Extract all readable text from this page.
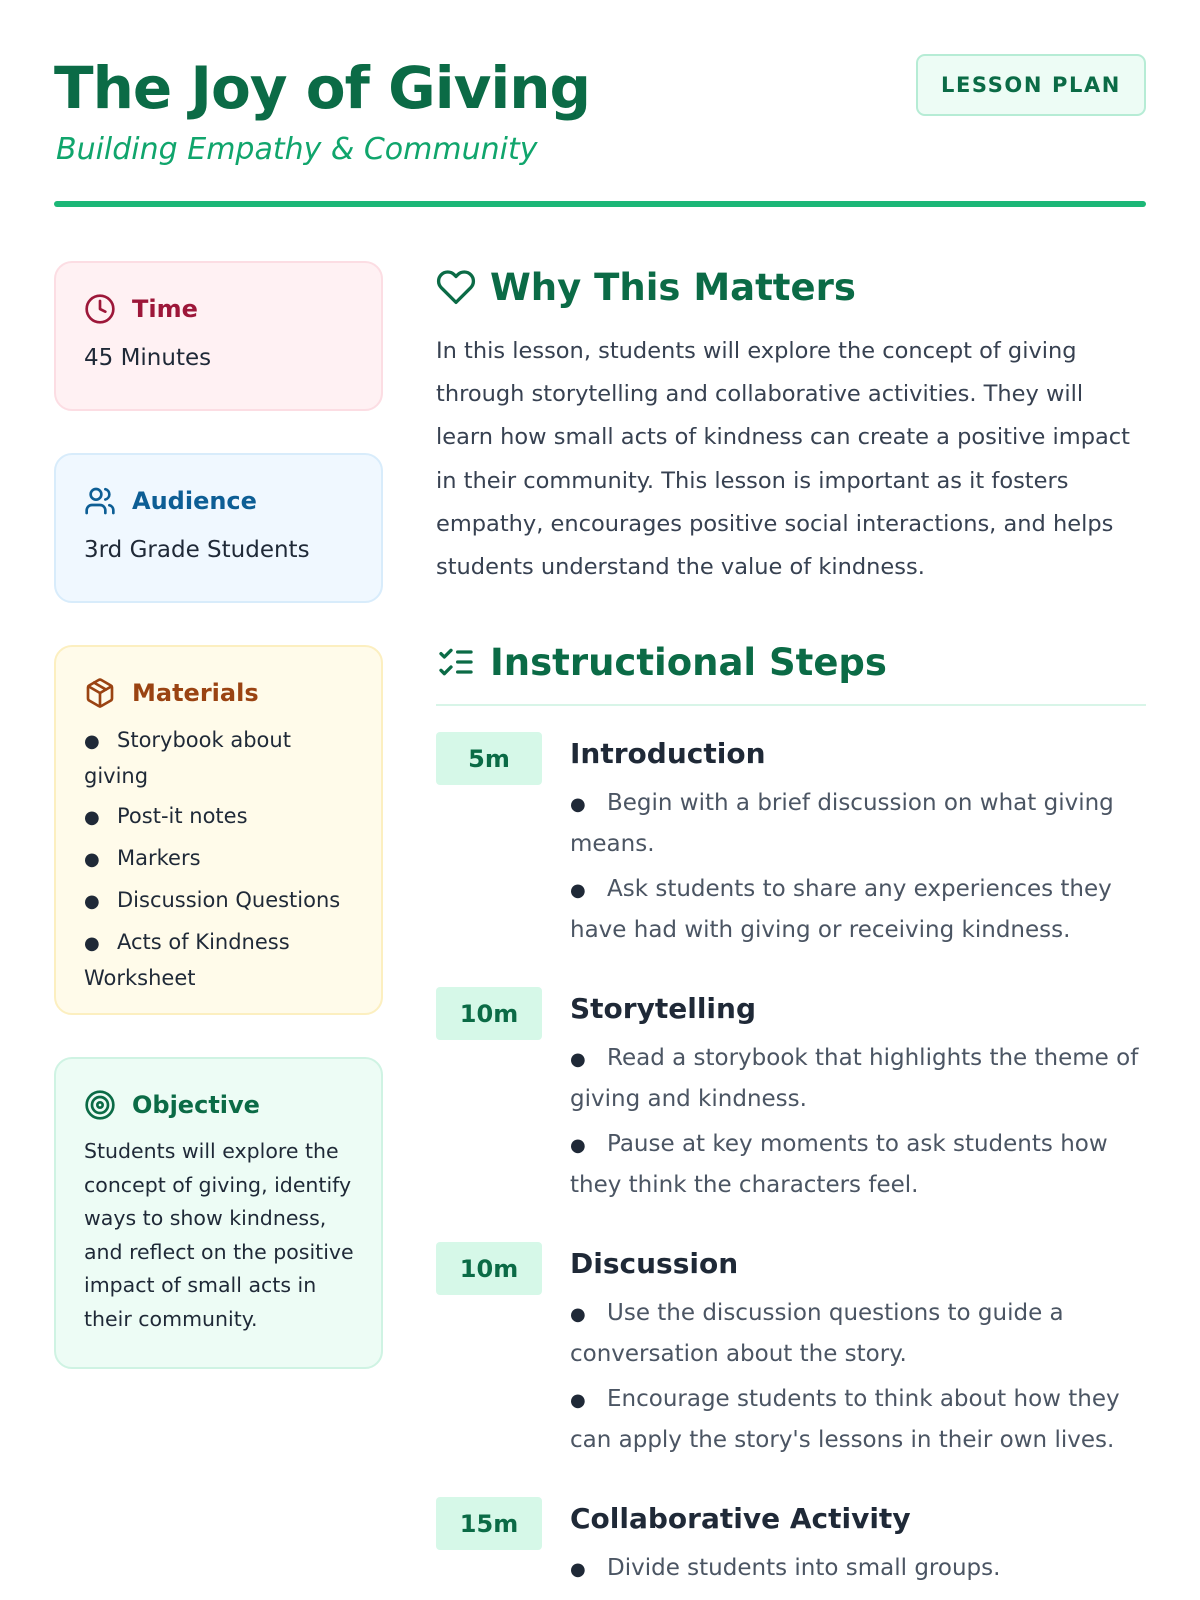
The Joy of Giving

Building Empathy & Community

LESSON PLAN
Time
45 Minutes
Audience
3rd Grade Students
Materials
● Storybook about giving
● Post-it notes
● Markers
● Discussion Questions
● Acts of Kindness Worksheet
Objective
Students will explore the concept of giving, identify ways to show kindness, and reflect on the positive impact of small acts in their community.
Why This Matters

In this lesson, students will explore the concept of giving through storytelling and collaborative activities. They will learn how small acts of kindness can create a positive impact in their community. This lesson is important as it fosters empathy, encourages positive social interactions, and helps students understand the value of kindness.

Instructional Steps
5m	Introduction
● Begin with a brief discussion on what giving means.
● Ask students to share any experiences they have had with giving or receiving kindness.
10m	Storytelling
● Read a storybook that highlights the theme of giving and kindness.
● Pause at key moments to ask students how they think the characters feel.
10m	Discussion
● Use the discussion questions to guide a conversation about the story.
● Encourage students to think about how they can apply the story's lessons in their own lives.
15m	Collaborative Activity
● Divide students into small groups.
